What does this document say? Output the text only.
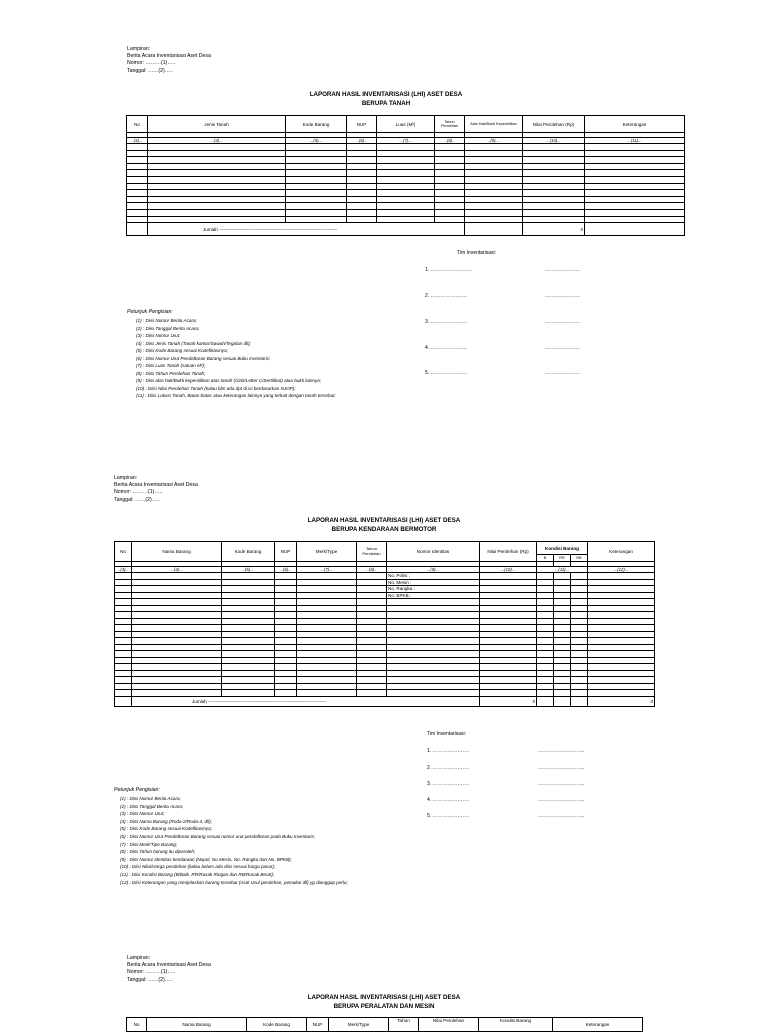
Lampiran:
Berita Acara Inventarisasi Aset Desa
Nomor: ………(1)…..
Tanggal: ……(2)…..
LAPORAN HASIL INVENTARISASI (LHI) ASET DESA
BERUPA TANAH
No	Jenis Tanah	Kode Barang	NUP	Luas (M²)	Tahun Perolehan	Alas Hak/Bukti Kepemilikan	Nilai Perolehan (Rp)	Keterangan

..(4)...	...(4)...	...(5)...	..(6)..	...(7)...	..(8)..	..(9)...	...(10)...	...(11)...

	Jumlah -----------------------------------------------------------------------------						0	
Tim Inventarisasi:
1. …………………….	…………………
2. ………………….	…………………
3. ………………….	…………………
4. ………………….	…………………
5. ………………….	…………………
Petunjuk Pengisian:
(1) : Diisi Nomor Berita Acara;
(2) : Diisi Tanggal Berita Acara;
(3) : Diisi Nomor Urut;
(4) : Diisi Jenis Tanah (Tanah kantor/Sawah/Tegalan dll);
(5) : Diisi Kode Barang sesuai Kodefikasinya;
(6) : Diisi Nomor Urut Pendaftaran Barang sesuai Buku Inventaris;
(7) : Diisi Luas Tanah (satuan M²);
(8) : Diisi Tahun Perolehan Tanah;
(9) : Diisi alas hak/Bukti kepemilikan atas tanah (Girik/Letter C/Sertifikat) atau bukti lainnya;
(10) : Diisi Nilai Perolehan Tanah (kalau blm ada dpt di isi berdasarkan NJOP);
(11) : Diisi Lokasi Tanah, Batas-batas atau keterangan lainnya yang terkait dengan tanah tersebut;
Lampiran:
Berita Acara Inventarisasi Aset Desa
Nomor: ………(1)…..
Tanggal: ……(2)…..
LAPORAN HASIL INVENTARISASI (LHI) ASET DESA
BERUPA KENDARAAN BERMOTOR
No	Nama Barang	Kode Barang	NUP	Merk/Type	Tahun Perolehan	Nomor Identitas	Nilai Perolehan (Rp)	Kondisi Barang			Keterangan
								B	RR	RB	

..(3)..	...(4)...	..(5)...	..(6)..	...(7)...	..(8)..	...(9)...	...(10)...	...(11)...			...(12)...
						No. Polisi :					
						No. Mesin :					
						No. Rangka :					
						No. BPKB :					

	Jumlah -----------------------------------------------------------------------------						0				0
Tim Inventarisasi:
1. ………………….	……………………….
2. ………………….	……………………….
3. ………………….	……………………….
4. ………………….	……………………….
5. ………………….	……………………….
Petunjuk Pengisian:
(1) : Diisi Nomor Berita Acara;
(2) : Diisi Tanggal Berita Acara;
(3) : Diisi Nomor Urut;
(4) : Diisi Nama Barang (Roda-2/Roda-4, dll);
(5) : Diisi Kode Barang sesuai Kodefikasinya;
(6) : Diisi Nomor Urut Pendaftaran Barang sesuai nomor urut pendaftaran pada Buku Inventaris;
(7) : Diisi Merk/Tipe Barang;
(8) : Diisi Tahun barang itu diperoleh;
(9) : Diisi Nomor identitas kendaraan (Nopol, No Mesin, No. Rangka dan No. BPKB);
(10) : Diisi Nilai/Harga perolehan (kalau belum ada diisi sesuai harga pasar);
(11) : Diisi Kondisi Barang (B/Baik, RR/Rusak Ringan dan RB/Rusak Berat);
(12) : Diisi Keterangan yang menjelaskan barang tersebut (Asal Usul perolehan, pemakai dll) yg dianggap perlu;
Lampiran:
Berita Acara Inventarisasi Aset Desa
Nomor: ………(1)…..
Tanggal: ……(2)…..
LAPORAN HASIL INVENTARISASI (LHI) ASET DESA
BERUPA PERALATAN DAN MESIN
No	Nama Barang	Kode Barang	NUP	Merk/Type	Tahun	Nilai Perolehan	Kondisi Barang	Keterangan
